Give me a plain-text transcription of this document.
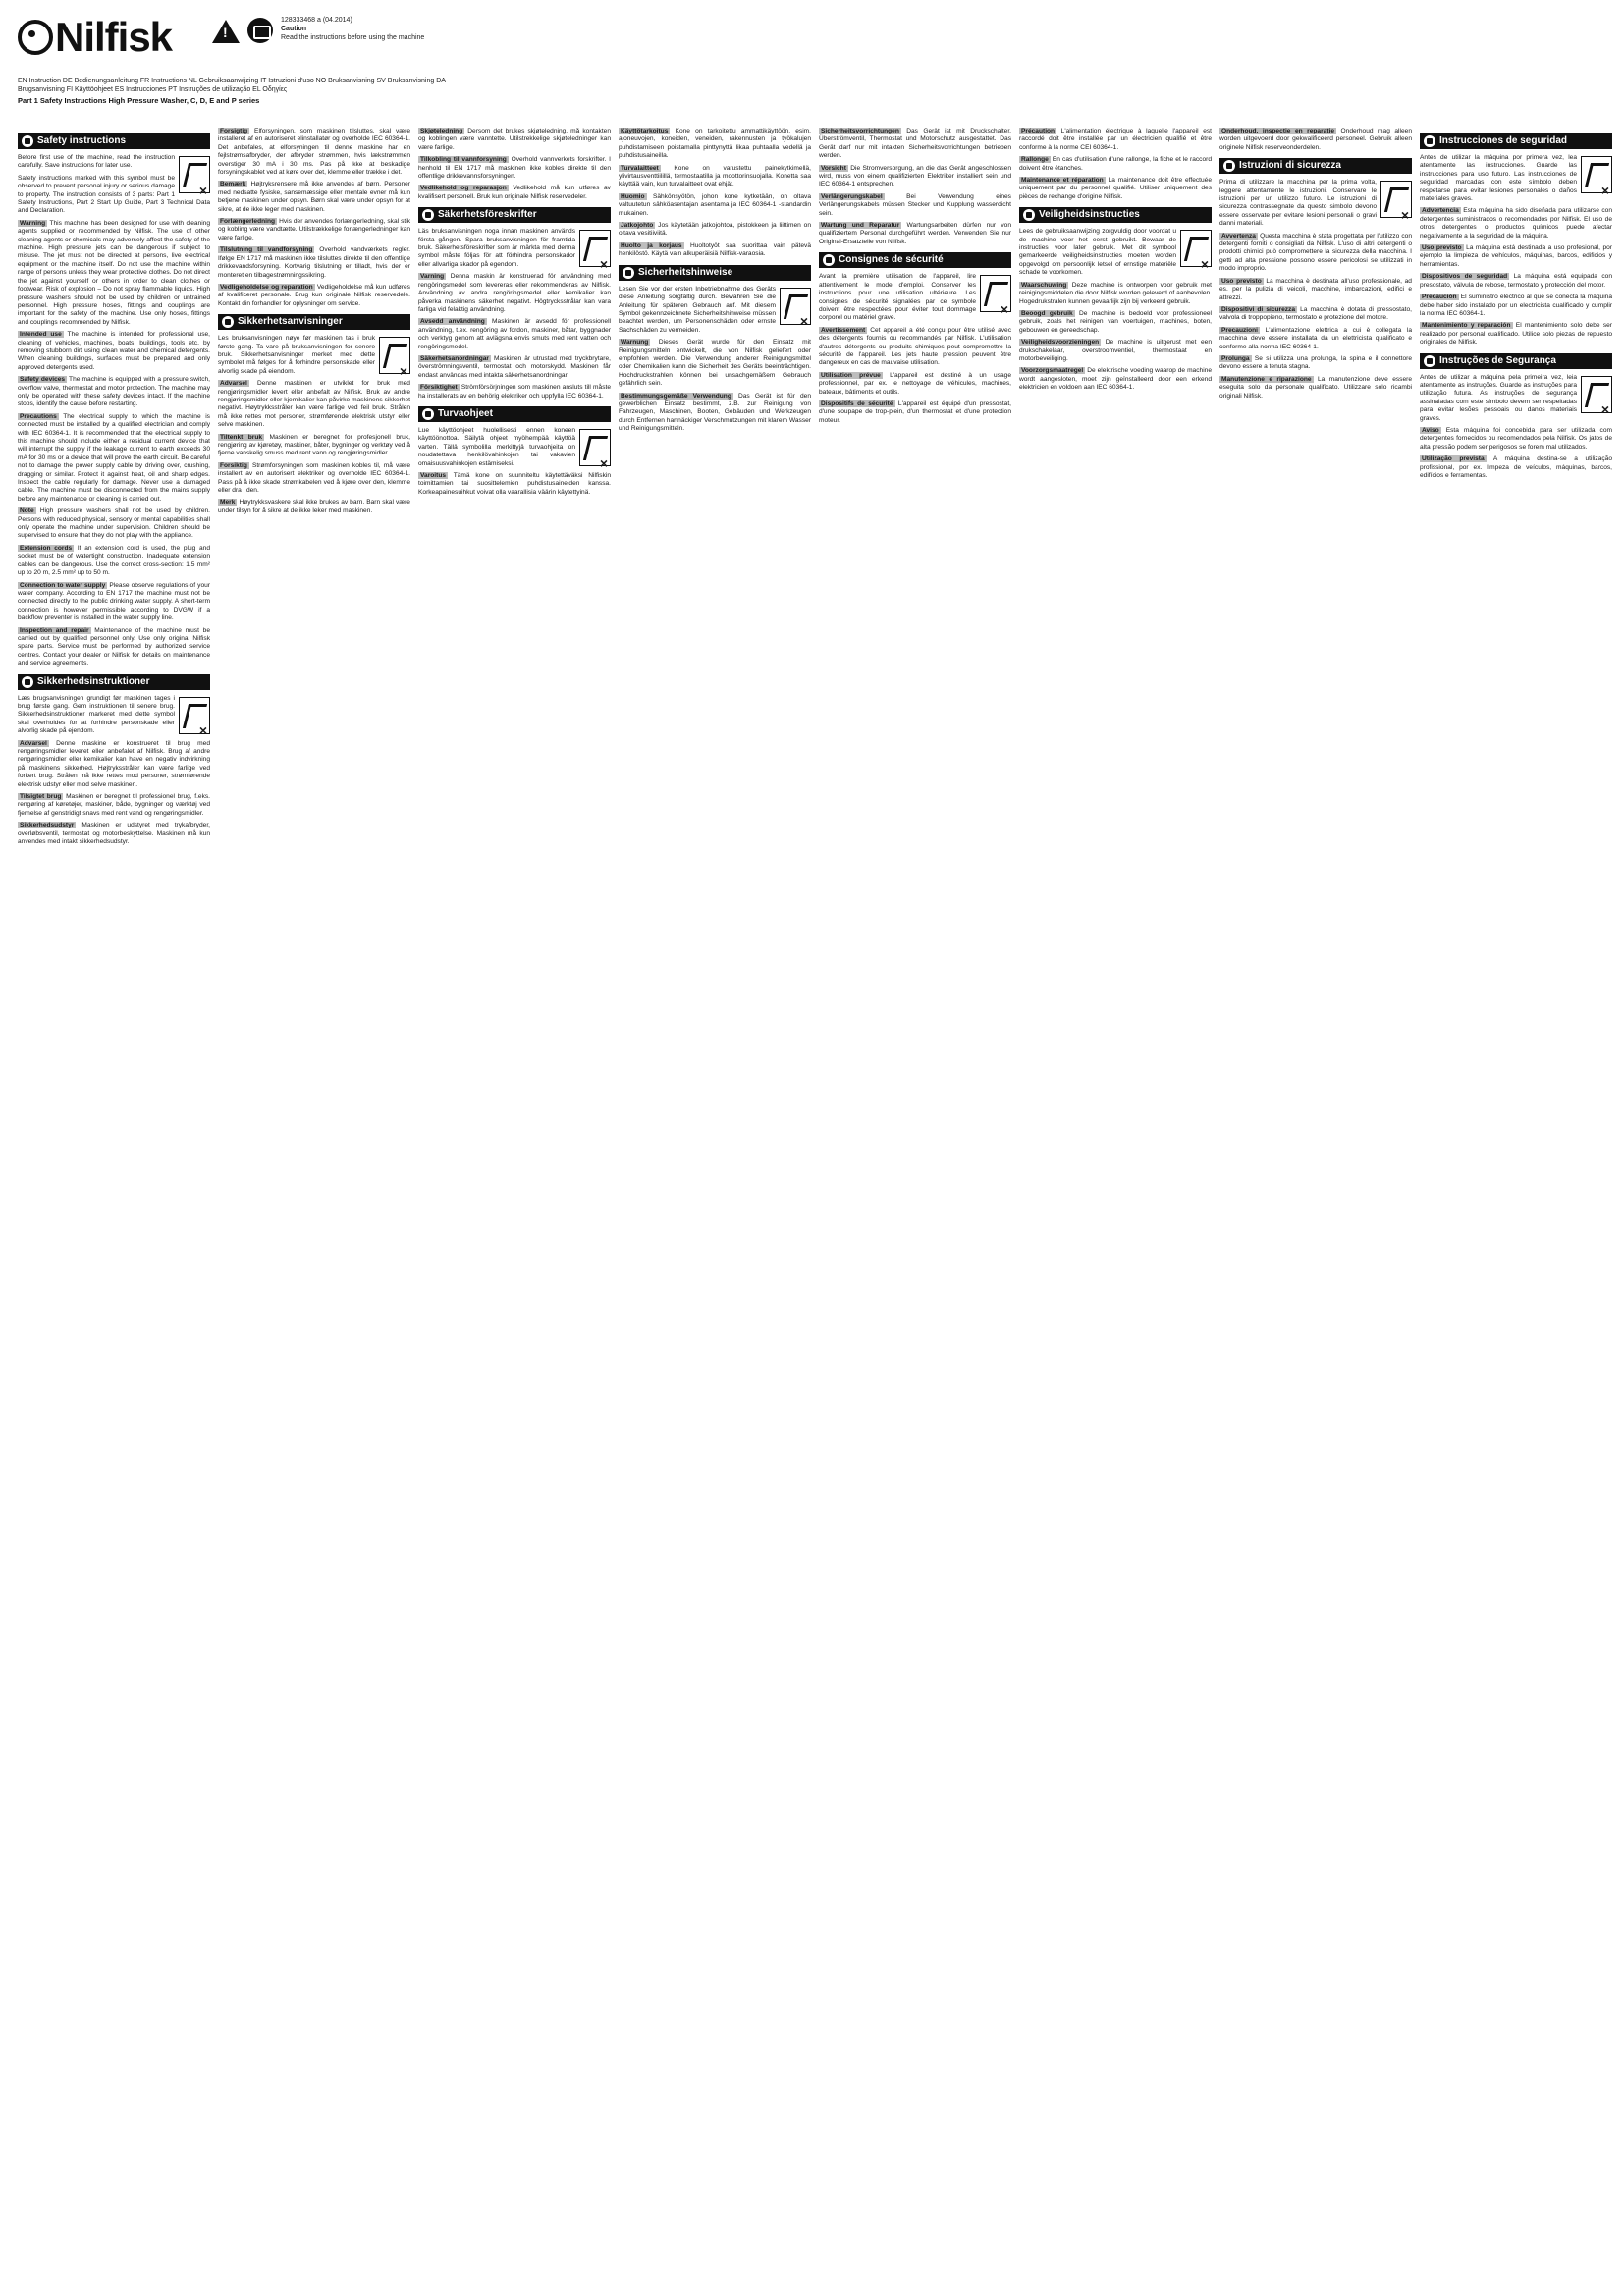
Nilfisk
!	128333468 a (04.2014)
Caution
Read the instructions before using the machine
EN Instruction DE Bedienungsanleitung FR Instructions NL Gebruiksaanwijzing IT Istruzioni d'uso NO Bruksanvisning SV Bruksanvisning DA Brugsanvisning FI Käyttöohjeet ES Instrucciones PT Instruções de utilização EL Οδηγίες
Part 1 Safety Instructions High Pressure Washer, C, D, E and P series
Safety instructions

×
Before first use of the machine, read the instruction carefully. Save instructions for later use.

Safety instructions marked with this symbol must be observed to prevent personal injury or serious damage to property. The instruction consists of 3 parts: Part 1 Safety Instructions, Part 2 Start Up Guide, Part 3 Technical Data and Declaration.

Warning This machine has been designed for use with cleaning agents supplied or recommended by Nilfisk. The use of other cleaning agents or chemicals may adversely affect the safety of the machine. High pressure jets can be dangerous if subject to misuse. The jet must not be directed at persons, live electrical equipment or the machine itself. Do not use the machine within range of persons unless they wear protective clothes. Do not direct the jet against yourself or others in order to clean clothes or footwear. Risk of explosion – Do not spray flammable liquids. High pressure washers should not be used by children or untrained personnel. High pressure hoses, fittings and couplings are important for the safety of the machine. Use only hoses, fittings and couplings recommended by Nilfisk.

Intended use The machine is intended for professional use, cleaning of vehicles, machines, boats, buildings, tools etc. by removing stubborn dirt using clean water and chemical detergents. When cleaning buildings, surfaces must be prepared and only approved detergents used.

Safety devices The machine is equipped with a pressure switch, overflow valve, thermostat and motor protection. The machine may only be operated with these safety devices intact. If the machine stops, identify the cause before restarting.

Precautions The electrical supply to which the machine is connected must be installed by a qualified electrician and comply with IEC 60364-1. It is recommended that the electrical supply to this machine should include either a residual current device that will interrupt the supply if the leakage current to earth exceeds 30 mA for 30 ms or a device that will prove the earth circuit. Be careful not to damage the power supply cable by driving over, crushing, dragging or similar. Protect it against heat, oil and sharp edges. Inspect the cable regularly for damage. Never use a damaged cable. The machine must be disconnected from the mains supply before any maintenance or cleaning is carried out.

Note High pressure washers shall not be used by children. Persons with reduced physical, sensory or mental capabilities shall only operate the machine under supervision. Children should be supervised to ensure that they do not play with the appliance.

Extension cords If an extension cord is used, the plug and socket must be of watertight construction. Inadequate extension cables can be dangerous. Use the correct cross-section: 1.5 mm² up to 20 m, 2.5 mm² up to 50 m.

Connection to water supply Please observe regulations of your water company. According to EN 1717 the machine must not be connected directly to the public drinking water supply. A short-term connection is however permissible according to DVGW if a backflow preventer is installed in the water supply line.

Inspection and repair Maintenance of the machine must be carried out by qualified personnel only. Use only original Nilfisk spare parts. Service must be performed by authorized service centres. Contact your dealer or Nilfisk for details on maintenance and service agreements.

Sikkerhedsinstruktioner

×
Læs brugsanvisningen grundigt før maskinen tages i brug første gang. Gem instruktionen til senere brug. Sikkerhedsinstruktioner markeret med dette symbol skal overholdes for at forhindre personskade eller alvorlig skade på ejendom.

Advarsel Denne maskine er konstrueret til brug med rengøringsmidler leveret eller anbefalet af Nilfisk. Brug af andre rengøringsmidler eller kemikalier kan have en negativ indvirkning på maskinens sikkerhed. Højtryksstråler kan være farlige ved forkert brug. Strålen må ikke rettes mod personer, strømførende elektrisk udstyr eller mod selve maskinen.

Tilsigtet brug Maskinen er beregnet til professionel brug, f.eks. rengøring af køretøjer, maskiner, både, bygninger og værktøj ved fjernelse af genstridigt snavs med rent vand og rengøringsmidler.

Sikkerhedsudstyr Maskinen er udstyret med trykafbryder, overløbsventil, termostat og motorbeskyttelse. Maskinen må kun anvendes med intakt sikkerhedsudstyr.

Forsigtig Elforsyningen, som maskinen tilsluttes, skal være installeret af en autoriseret elinstallatør og overholde IEC 60364-1. Det anbefales, at elforsyningen til denne maskine har en fejlstrømsafbryder, der afbryder strømmen, hvis lækstrømmen overstiger 30 mA i 30 ms. Pas på ikke at beskadige forsyningskablet ved at køre over det, klemme eller trække i det.

Bemærk Højtryksrensere må ikke anvendes af børn. Personer med nedsatte fysiske, sansemæssige eller mentale evner må kun betjene maskinen under opsyn. Børn skal være under opsyn for at sikre, at de ikke leger med maskinen.

Forlængerledning Hvis der anvendes forlængerledning, skal stik og kobling være vandtætte. Utilstrækkelige forlængerledninger kan være farlige.

Tilslutning til vandforsyning Overhold vandværkets regler. Ifølge EN 1717 må maskinen ikke tilsluttes direkte til den offentlige drikkevandsforsyning. Kortvarig tilslutning er tilladt, hvis der er monteret en tilbagestrømningssikring.

Vedligeholdelse og reparation Vedligeholdelse må kun udføres af kvalificeret personale. Brug kun originale Nilfisk reservedele. Kontakt din forhandler for oplysninger om service.

Sikkerhetsanvisninger

×
Les bruksanvisningen nøye før maskinen tas i bruk første gang. Ta vare på bruksanvisningen for senere bruk. Sikkerhetsanvisninger merket med dette symbolet må følges for å forhindre personskade eller alvorlig skade på eiendom.

Advarsel Denne maskinen er utviklet for bruk med rengjøringsmidler levert eller anbefalt av Nilfisk. Bruk av andre rengjøringsmidler eller kjemikalier kan påvirke maskinens sikkerhet negativt. Høytrykksstråler kan være farlige ved feil bruk. Strålen må ikke rettes mot personer, strømførende elektrisk utstyr eller selve maskinen.

Tiltenkt bruk Maskinen er beregnet for profesjonell bruk, rengjøring av kjøretøy, maskiner, båter, bygninger og verktøy ved å fjerne vanskelig smuss med rent vann og rengjøringsmidler.

Forsiktig Strømforsyningen som maskinen kobles til, må være installert av en autorisert elektriker og overholde IEC 60364-1. Pass på å ikke skade strømkabelen ved å kjøre over den, klemme eller dra i den.

Merk Høytrykksvaskere skal ikke brukes av barn. Barn skal være under tilsyn for å sikre at de ikke leker med maskinen.

Skjøteledning Dersom det brukes skjøteledning, må kontakten og koblingen være vanntette. Utilstrekkelige skjøteledninger kan være farlige.

Tilkobling til vannforsyning Overhold vannverkets forskrifter. I henhold til EN 1717 må maskinen ikke kobles direkte til den offentlige drikkevannsforsyningen.

Vedlikehold og reparasjon Vedlikehold må kun utføres av kvalifisert personell. Bruk kun originale Nilfisk reservedeler.

Säkerhetsföreskrifter

×
Läs bruksanvisningen noga innan maskinen används första gången. Spara bruksanvisningen för framtida bruk. Säkerhetsföreskrifter som är märkta med denna symbol måste följas för att förhindra personskador eller allvarliga skador på egendom.

Varning Denna maskin är konstruerad för användning med rengöringsmedel som levereras eller rekommenderas av Nilfisk. Användning av andra rengöringsmedel eller kemikalier kan påverka maskinens säkerhet negativt. Högtrycksstrålar kan vara farliga vid felaktig användning.

Avsedd användning Maskinen är avsedd för professionell användning, t.ex. rengöring av fordon, maskiner, båtar, byggnader och verktyg genom att avlägsna envis smuts med rent vatten och rengöringsmedel.

Säkerhetsanordningar Maskinen är utrustad med tryckbrytare, överströmningsventil, termostat och motorskydd. Maskinen får endast användas med intakta säkerhetsanordningar.

Försiktighet Strömförsörjningen som maskinen ansluts till måste ha installerats av en behörig elektriker och uppfylla IEC 60364-1.

Turvaohjeet

×
Lue käyttöohjeet huolellisesti ennen koneen käyttöönottoa. Säilytä ohjeet myöhempää käyttöä varten. Tällä symbolilla merkittyjä turvaohjeita on noudatettava henkilövahinkojen tai vakavien omaisuusvahinkojen estämiseksi.

Varoitus Tämä kone on suunniteltu käytettäväksi Nilfiskin toimittamien tai suosittelemien puhdistusaineiden kanssa. Korkeapainesuihkut voivat olla vaarallisia väärin käytettyinä.

Käyttötarkoitus Kone on tarkoitettu ammattikäyttöön, esim. ajoneuvojen, koneiden, veneiden, rakennusten ja työkalujen puhdistamiseen poistamalla pinttynyttä likaa puhtaalla vedellä ja puhdistusaineilla.

Turvalaitteet Kone on varustettu painekytkimellä, ylivirtausventtiilillä, termostaatilla ja moottorinsuojalla. Konetta saa käyttää vain, kun turvalaitteet ovat ehjät.

Huomio Sähkönsyötön, johon kone kytketään, on oltava valtuutetun sähköasentajan asentama ja IEC 60364-1 -standardin mukainen.

Jatkojohto Jos käytetään jatkojohtoa, pistokkeen ja liittimen on oltava vesitiiviitä.

Huolto ja korjaus Huoltotyöt saa suorittaa vain pätevä henkilöstö. Käytä vain alkuperäisiä Nilfisk-varaosia.

Sicherheitshinweise

×
Lesen Sie vor der ersten Inbetriebnahme des Geräts diese Anleitung sorgfältig durch. Bewahren Sie die Anleitung für späteren Gebrauch auf. Mit diesem Symbol gekennzeichnete Sicherheitshinweise müssen beachtet werden, um Personenschäden oder ernste Sachschäden zu vermeiden.

Warnung Dieses Gerät wurde für den Einsatz mit Reinigungsmitteln entwickelt, die von Nilfisk geliefert oder empfohlen werden. Die Verwendung anderer Reinigungsmittel oder Chemikalien kann die Sicherheit des Geräts beeinträchtigen. Hochdruckstrahlen können bei unsachgemäßem Gebrauch gefährlich sein.

Bestimmungsgemäße Verwendung Das Gerät ist für den gewerblichen Einsatz bestimmt, z.B. zur Reinigung von Fahrzeugen, Maschinen, Booten, Gebäuden und Werkzeugen durch Entfernen hartnäckiger Verschmutzungen mit klarem Wasser und Reinigungsmitteln.

Sicherheitsvorrichtungen Das Gerät ist mit Druckschalter, Überströmventil, Thermostat und Motorschutz ausgestattet. Das Gerät darf nur mit intakten Sicherheitsvorrichtungen betrieben werden.

Vorsicht Die Stromversorgung, an die das Gerät angeschlossen wird, muss von einem qualifizierten Elektriker installiert sein und IEC 60364-1 entsprechen.

Verlängerungskabel	Bei Verwendung eines Verlängerungskabels müssen Stecker und Kupplung wasserdicht sein.

Wartung und Reparatur Wartungsarbeiten dürfen nur von qualifiziertem Personal durchgeführt werden. Verwenden Sie nur Original-Ersatzteile von Nilfisk.

Consignes de sécurité

×
Avant la première utilisation de l'appareil, lire attentivement le mode d'emploi. Conserver les instructions pour une utilisation ultérieure. Les consignes de sécurité signalées par ce symbole doivent être respectées pour éviter tout dommage corporel ou matériel grave.

Avertissement Cet appareil a été conçu pour être utilisé avec des détergents fournis ou recommandés par Nilfisk. L'utilisation d'autres détergents ou produits chimiques peut compromettre la sécurité de l'appareil. Les jets haute pression peuvent être dangereux en cas de mauvaise utilisation.

Utilisation prévue L'appareil est destiné à un usage professionnel, par ex. le nettoyage de véhicules, machines, bateaux, bâtiments et outils.

Dispositifs de sécurité L'appareil est équipé d'un pressostat, d'une soupape de trop-plein, d'un thermostat et d'une protection moteur.

Précaution L'alimentation électrique à laquelle l'appareil est raccordé doit être installée par un électricien qualifié et être conforme à la norme CEI 60364-1.

Rallonge En cas d'utilisation d'une rallonge, la fiche et le raccord doivent être étanches.

Maintenance et réparation La maintenance doit être effectuée uniquement par du personnel qualifié. Utiliser uniquement des pièces de rechange d'origine Nilfisk.

Veiligheidsinstructies

×
Lees de gebruiksaanwijzing zorgvuldig door voordat u de machine voor het eerst gebruikt. Bewaar de instructies voor later gebruik. Met dit symbool gemarkeerde veiligheidsinstructies moeten worden opgevolgd om persoonlijk letsel of ernstige materiële schade te voorkomen.

Waarschuwing Deze machine is ontworpen voor gebruik met reinigingsmiddelen die door Nilfisk worden geleverd of aanbevolen. Hogedrukstralen kunnen gevaarlijk zijn bij verkeerd gebruik.

Beoogd gebruik De machine is bedoeld voor professioneel gebruik, zoals het reinigen van voertuigen, machines, boten, gebouwen en gereedschap.

Veiligheidsvoorzieningen De machine is uitgerust met een drukschakelaar, overstroomventiel, thermostaat en motorbeveiliging.

Voorzorgsmaatregel De elektrische voeding waarop de machine wordt aangesloten, moet zijn geïnstalleerd door een erkend elektricien en voldoen aan IEC 60364-1.

Onderhoud, inspectie en reparatie Onderhoud mag alleen worden uitgevoerd door gekwalificeerd personeel. Gebruik alleen originele Nilfisk reserveonderdelen.

Istruzioni di sicurezza

×
Prima di utilizzare la macchina per la prima volta, leggere attentamente le istruzioni. Conservare le istruzioni per un utilizzo futuro. Le istruzioni di sicurezza contrassegnate da questo simbolo devono essere osservate per evitare lesioni personali o gravi danni materiali.

Avvertenza Questa macchina è stata progettata per l'utilizzo con detergenti forniti o consigliati da Nilfisk. L'uso di altri detergenti o prodotti chimici può compromettere la sicurezza della macchina. I getti ad alta pressione possono essere pericolosi se utilizzati in modo improprio.

Uso previsto La macchina è destinata all'uso professionale, ad es. per la pulizia di veicoli, macchine, imbarcazioni, edifici e attrezzi.

Dispositivi di sicurezza La macchina è dotata di pressostato, valvola di troppopieno, termostato e protezione del motore.

Precauzioni L'alimentazione elettrica a cui è collegata la macchina deve essere installata da un elettricista qualificato e conforme alla norma IEC 60364-1.

Prolunga Se si utilizza una prolunga, la spina e il connettore devono essere a tenuta stagna.

Manutenzione e riparazione La manutenzione deve essere eseguita solo da personale qualificato. Utilizzare solo ricambi originali Nilfisk.

Instrucciones de seguridad

×
Antes de utilizar la máquina por primera vez, lea atentamente las instrucciones. Guarde las instrucciones para uso futuro. Las instrucciones de seguridad marcadas con este símbolo deben respetarse para evitar lesiones personales o daños materiales graves.

Advertencia Esta máquina ha sido diseñada para utilizarse con detergentes suministrados o recomendados por Nilfisk. El uso de otros detergentes o productos químicos puede afectar negativamente a la seguridad de la máquina.

Uso previsto La máquina está destinada a uso profesional, por ejemplo la limpieza de vehículos, máquinas, barcos, edificios y herramientas.

Dispositivos de seguridad La máquina está equipada con presostato, válvula de rebose, termostato y protección del motor.

Precaución El suministro eléctrico al que se conecta la máquina debe haber sido instalado por un electricista cualificado y cumplir la norma IEC 60364-1.

Mantenimiento y reparación El mantenimiento solo debe ser realizado por personal cualificado. Utilice solo piezas de repuesto originales de Nilfisk.

Instruções de Segurança

×
Antes de utilizar a máquina pela primeira vez, leia atentamente as instruções. Guarde as instruções para utilização futura. As instruções de segurança assinaladas com este símbolo devem ser respeitadas para evitar lesões pessoais ou danos materiais graves.

Aviso Esta máquina foi concebida para ser utilizada com detergentes fornecidos ou recomendados pela Nilfisk. Os jatos de alta pressão podem ser perigosos se forem mal utilizados.

Utilização prevista A máquina destina-se a utilização profissional, por ex. limpeza de veículos, máquinas, barcos, edifícios e ferramentas.
